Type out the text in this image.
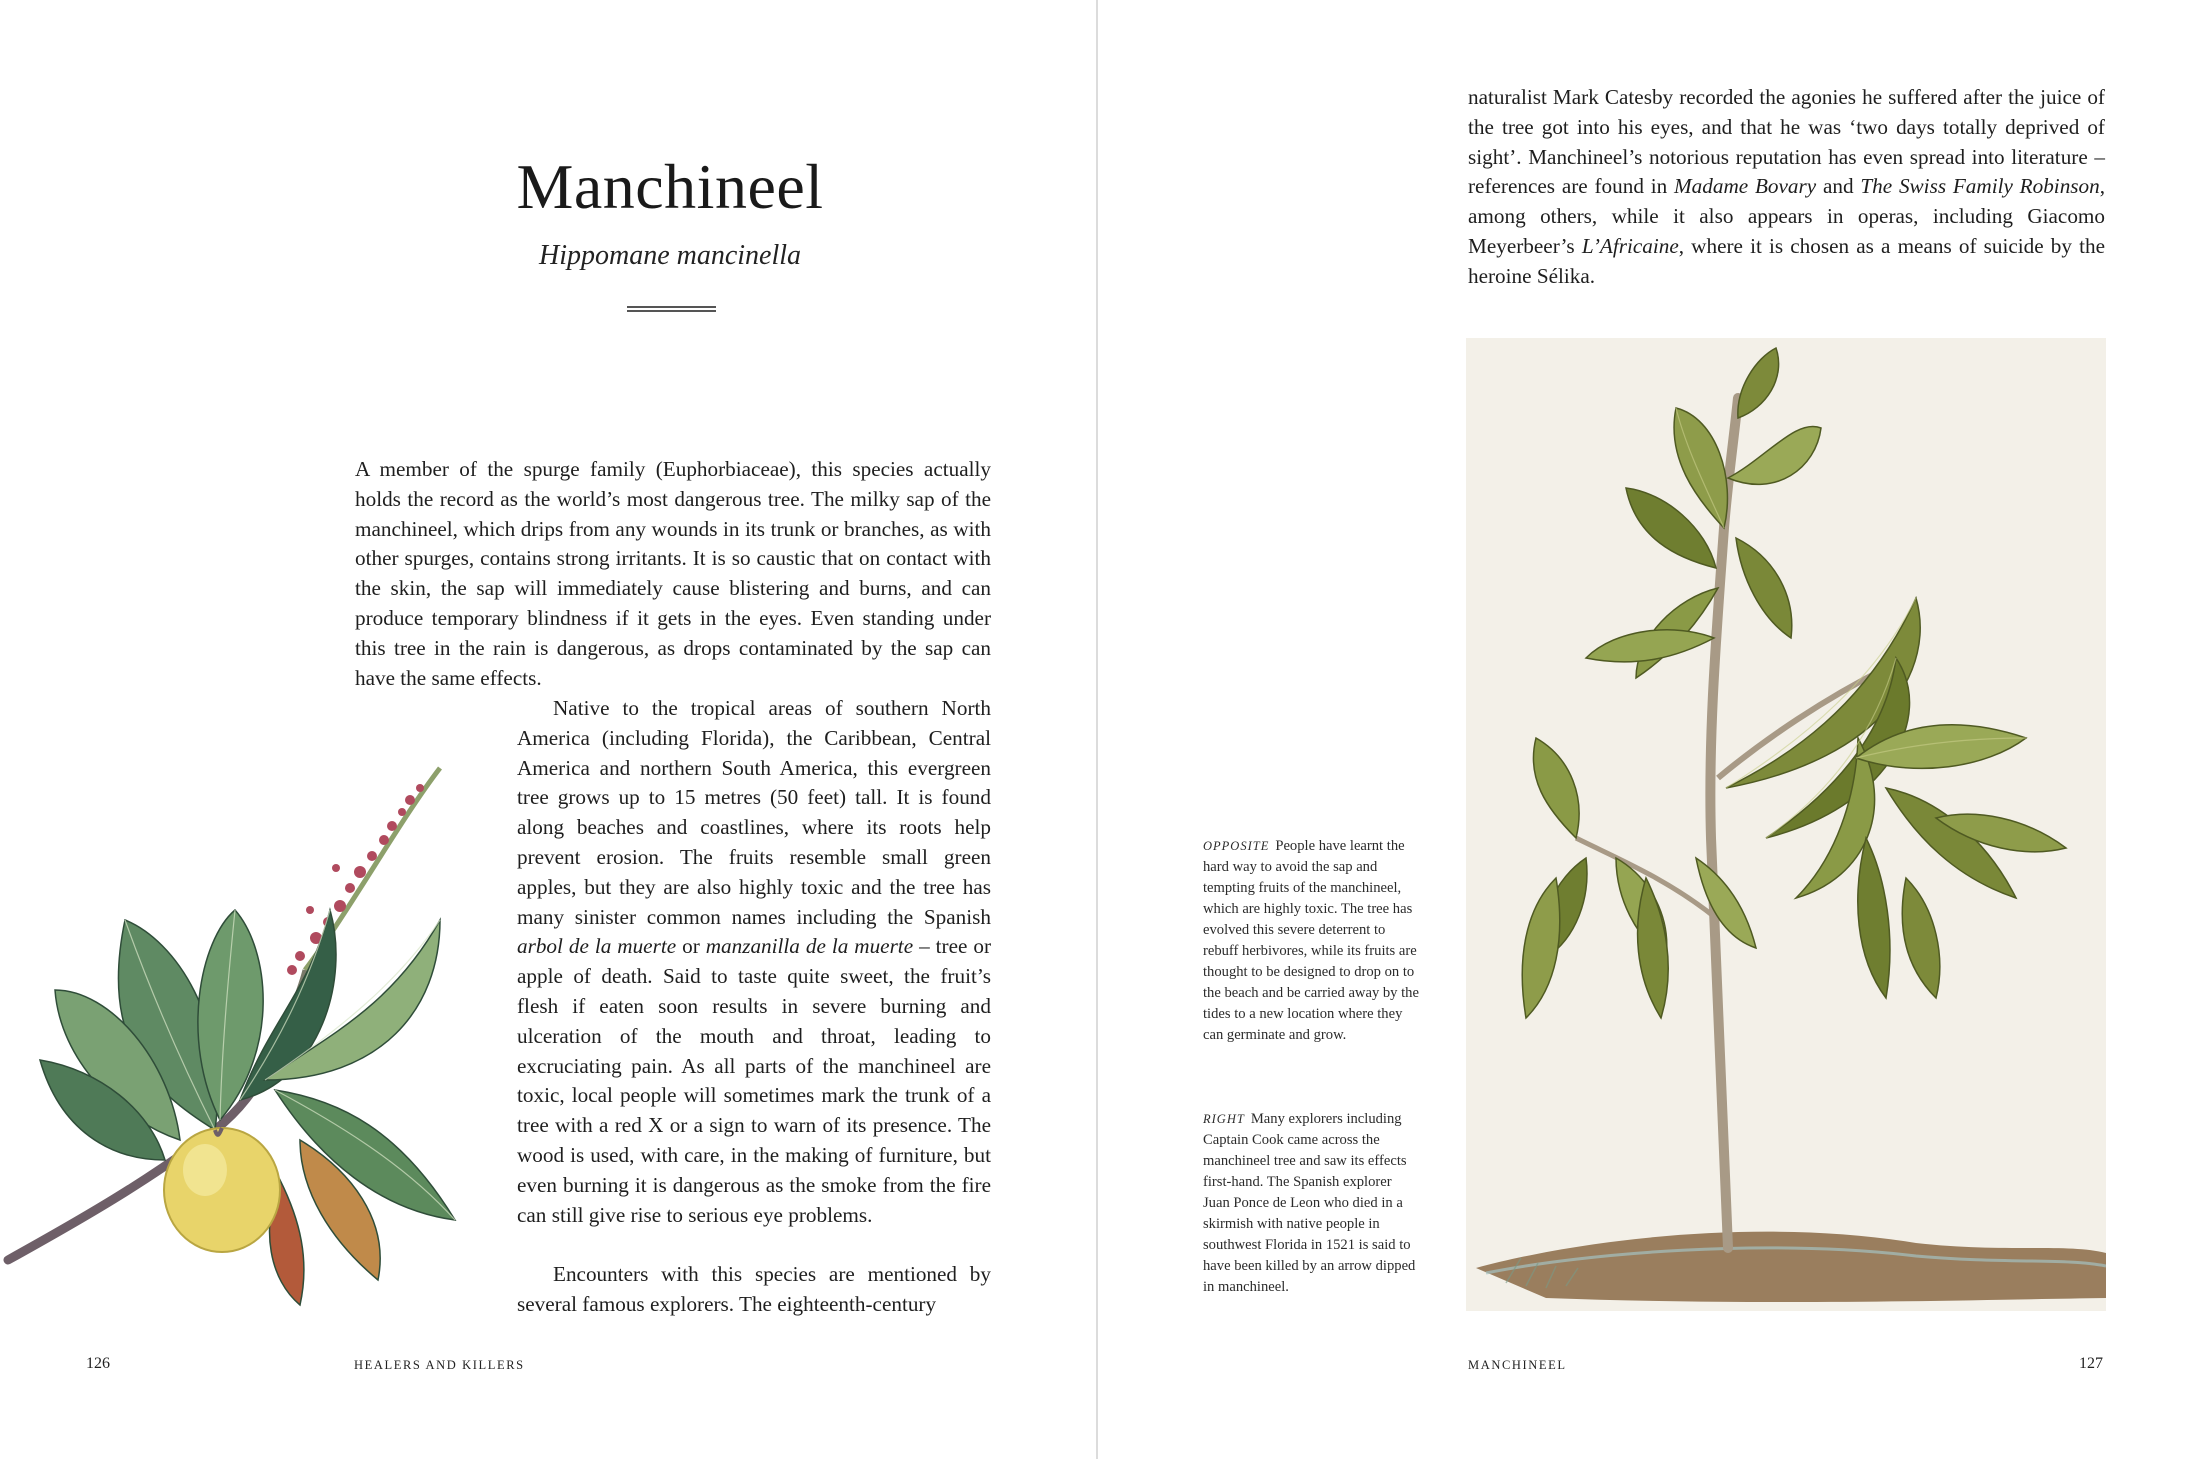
Manchineel
Hippomane mancinella

A member of the spurge family (Euphorbiaceae), this species actually holds the record as the world’s most dangerous tree. The milky sap of the manchineel, which drips from any wounds in its trunk or branches, as with other spurges, contains strong irritants. It is so caustic that on contact with the skin, the sap will immediately cause blistering and burns, and can produce temporary blindness if it gets in the eyes. Even standing under this tree in the rain is dangerous, as drops contaminated by the sap can have the same effects.

Native to the tropical areas of southern North America (including Florida), the Caribbean, Central America and northern South America, this evergreen tree grows up to 15 metres (50 feet) tall. It is found along beaches and coastlines, where its roots help prevent erosion. The fruits resemble small green apples, but they are also highly toxic and the tree has many sinister common names including the Spanish arbol de la muerte or manzanilla de la muerte – tree or apple of death. Said to taste quite sweet, the fruit’s flesh if eaten soon results in severe burning and ulceration of the mouth and throat, leading to excruciating pain. As all parts of the manchineel are toxic, local people will sometimes mark the trunk of a tree with a red X or a sign to warn of its presence. The wood is used, with care, in the making of furniture, but even burning it is dangerous as the smoke from the fire can still give rise to serious eye problems.

Encounters with this species are mentioned by several famous explorers. The eighteenth-century

126	HEALERS AND KILLERS

naturalist Mark Catesby recorded the agonies he suffered after the juice of the tree got into his eyes, and that he was ‘two days totally deprived of sight’. Manchineel’s notorious reputation has even spread into literature – references are found in Madame Bovary and The Swiss Family Robinson, among others, while it also appears in operas, including Giacomo Meyerbeer’s L’Africaine, where it is chosen as a means of suicide by the heroine Sélika.

OPPOSITE People have learnt the hard way to avoid the sap and tempting fruits of the manchineel, which are highly toxic. The tree has evolved this severe deterrent to rebuff herbivores, while its fruits are thought to be designed to drop on to the beach and be carried away by the tides to a new location where they can germinate and grow.
RIGHT Many explorers including Captain Cook came across the manchineel tree and saw its effects first-hand. The Spanish explorer Juan Ponce de Leon who died in a skirmish with native people in southwest Florida in 1521 is said to have been killed by an arrow dipped in manchineel.
MANCHINEEL	127
